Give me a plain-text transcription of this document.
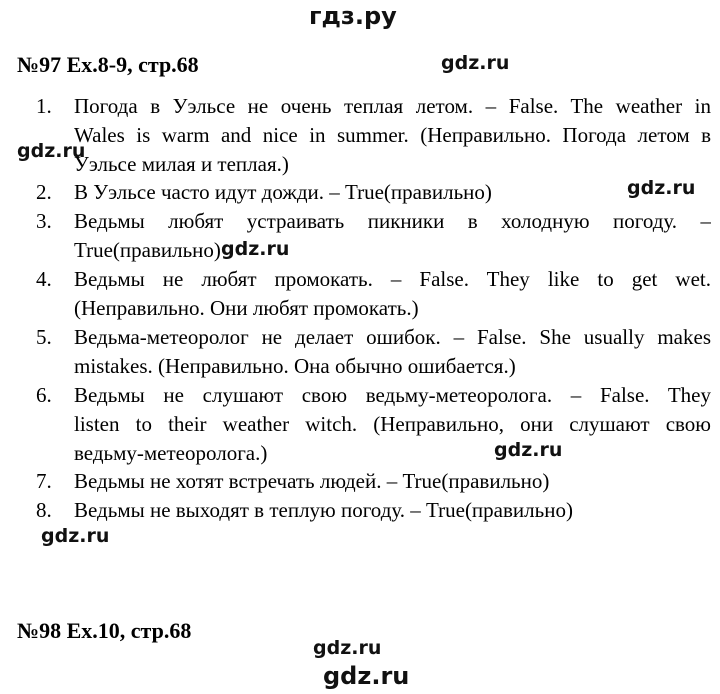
гдз.ру
gdz.ru
gdz.ru
gdz.ru
gdz.ru
gdz.ru
gdz.ru
gdz.ru
gdz.ru
№97 Ex.8-9, стр.68
№98 Ex.10, стр.68
1. Погода в Уэльсе не очень теплая летом. – False. The weather in
Wales is warm and nice in summer. (Неправильно. Погода летом в
Уэльсе милая и теплая.)
2. В Уэльсе часто идут дожди. – True(правильно)
3. Ведьмы любят устраивать пикники в холодную погоду. –
True(правильно)
4. Ведьмы не любят промокать. – False. They like to get wet.
(Неправильно. Они любят промокать.)
5. Ведьма-метеоролог не делает ошибок. – False. She usually makes
mistakes. (Неправильно. Она обычно ошибается.)
6. Ведьмы не слушают свою ведьму-метеоролога. – False. They
listen to their weather witch. (Неправильно, они слушают свою
ведьму-метеоролога.)
7. Ведьмы не хотят встречать людей. – True(правильно)
8. Ведьмы не выходят в теплую погоду. – True(правильно)
